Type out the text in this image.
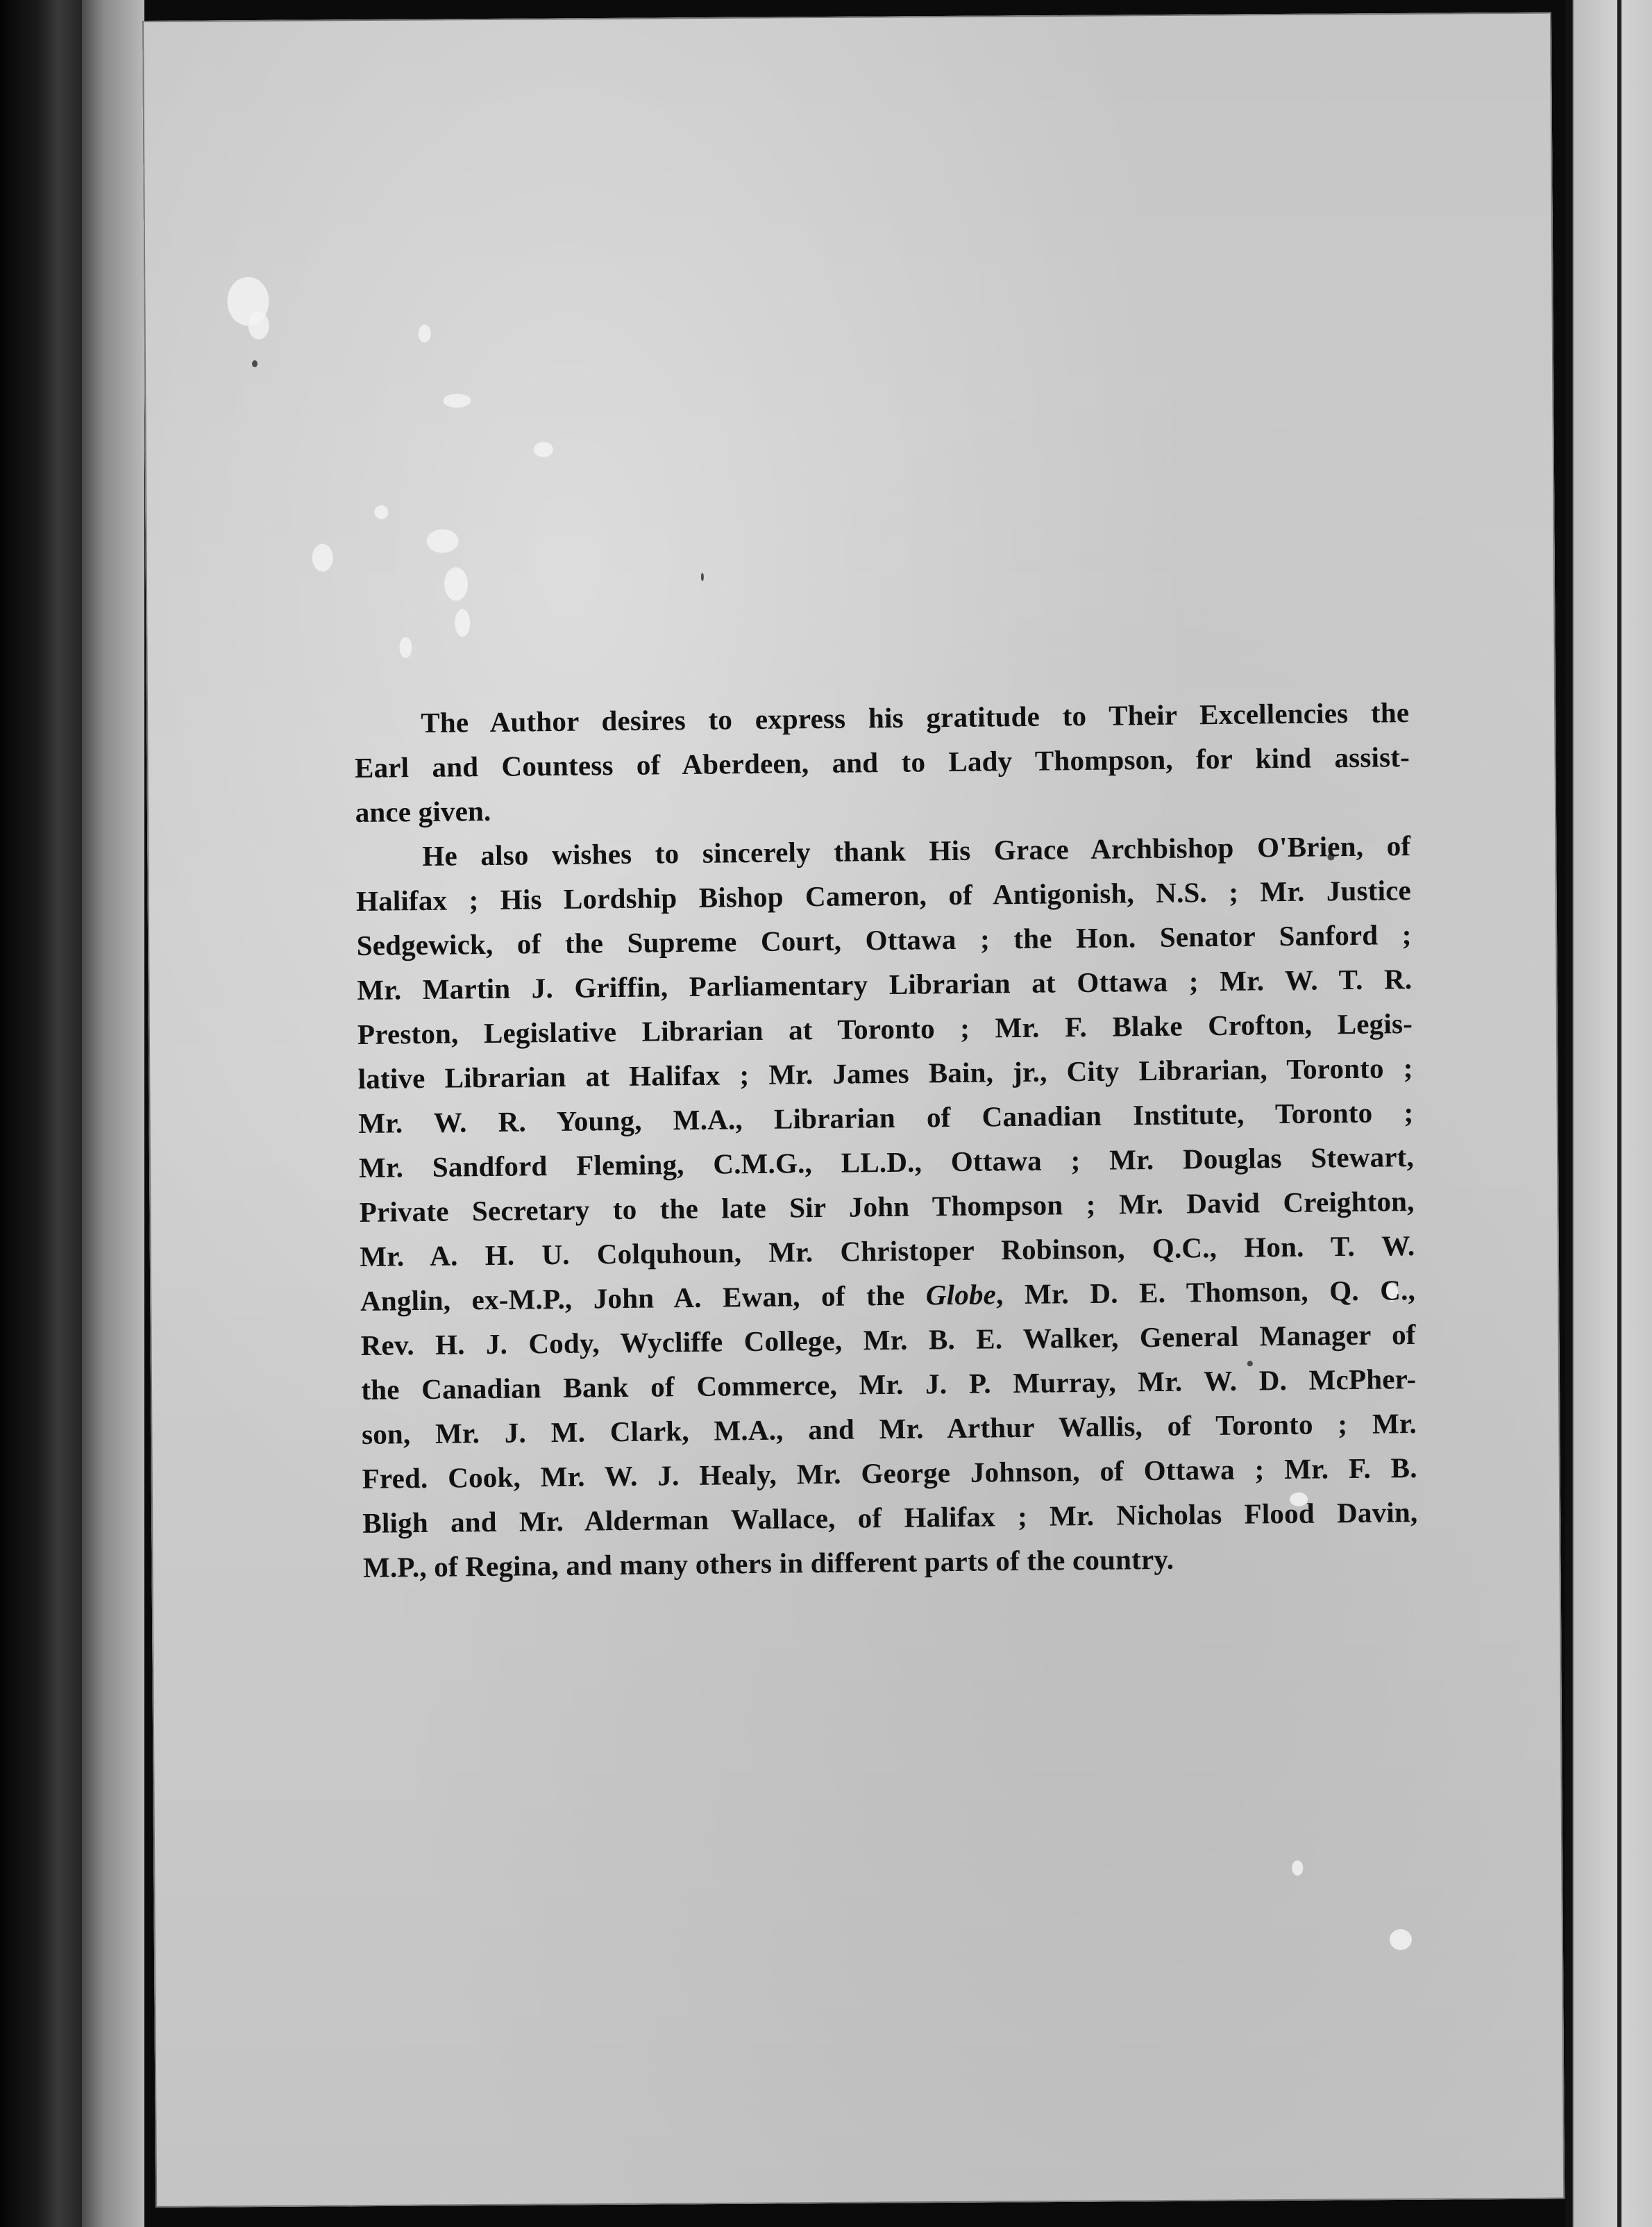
The Author desires to express his gratitude to Their Excellencies the
Earl and Countess of Aberdeen, and to Lady Thompson, for kind assist-
ance given.

He also wishes to sincerely thank His Grace Archbishop O'Brien, of
Halifax ; His Lordship Bishop Cameron, of Antigonish, N.S. ; Mr. Justice
Sedgewick, of the Supreme Court, Ottawa ; the Hon. Senator Sanford ;
Mr. Martin J. Griffin, Parliamentary Librarian at Ottawa ; Mr. W. T. R.
Preston, Legislative Librarian at Toronto ; Mr. F. Blake Crofton, Legis-
lative Librarian at Halifax ; Mr. James Bain, jr., City Librarian, Toronto ;
Mr. W. R. Young, M.A., Librarian of Canadian Institute, Toronto ;
Mr. Sandford Fleming, C.M.G., LL.D., Ottawa ; Mr. Douglas Stewart,
Private Secretary to the late Sir John Thompson ; Mr. David Creighton,
Mr. A. H. U. Colquhoun, Mr. Christoper Robinson, Q.C., Hon. T. W.
Anglin, ex-M.P., John A. Ewan, of the Globe, Mr. D. E. Thomson, Q. C.,
Rev. H. J. Cody, Wycliffe College, Mr. B. E. Walker, General Manager of
the Canadian Bank of Commerce, Mr. J. P. Murray, Mr. W. D. McPher-
son, Mr. J. M. Clark, M.A., and Mr. Arthur Wallis, of Toronto ; Mr.
Fred. Cook, Mr. W. J. Healy, Mr. George Johnson, of Ottawa ; Mr. F. B.
Bligh and Mr. Alderman Wallace, of Halifax ; Mr. Nicholas Flood Davin,
M.P., of Regina, and many others in different parts of the country.
